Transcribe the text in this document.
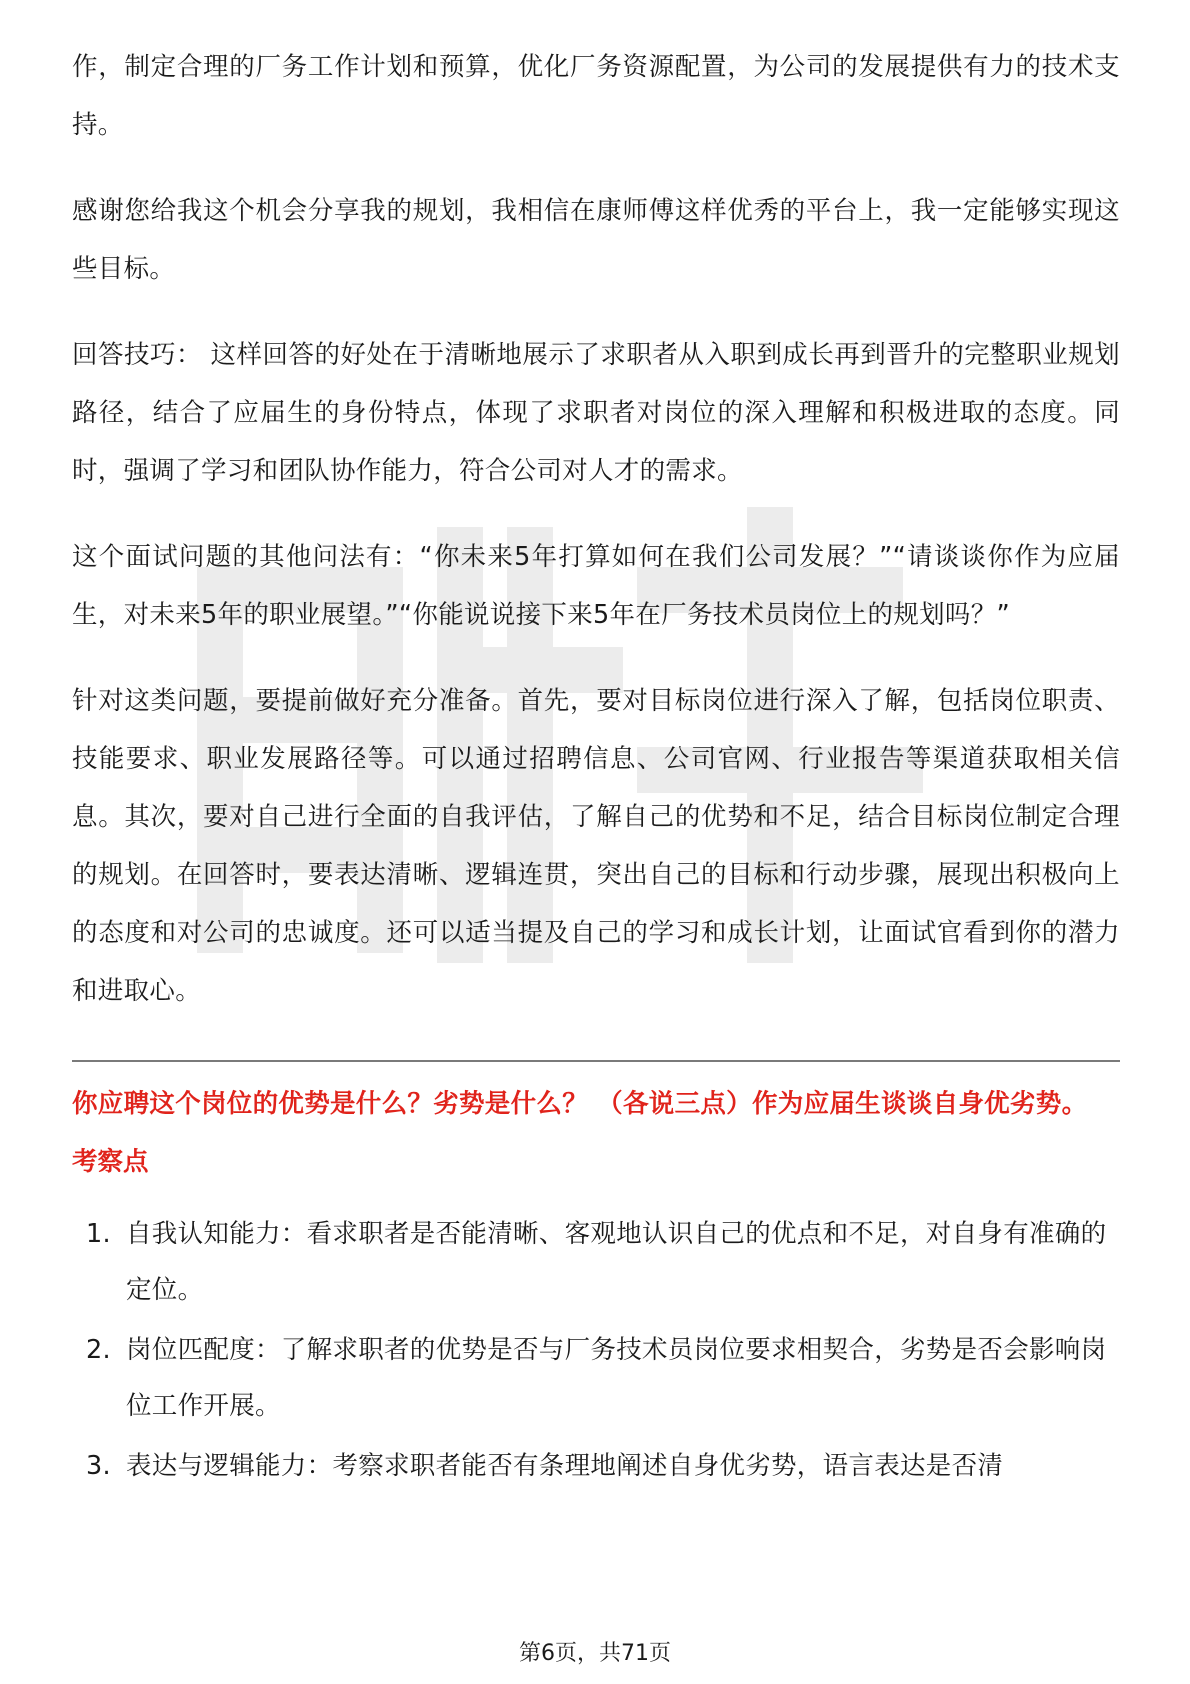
作，制定合理的厂务工作计划和预算，优化厂务资源配置，为公司的发展提供有力的技术支持。

感谢您给我这个机会分享我的规划，我相信在康师傅这样优秀的平台上，我一定能够实现这些目标。

回答技巧： 这样回答的好处在于清晰地展示了求职者从入职到成长再到晋升的完整职业规划路径，结合了应届生的身份特点，体现了求职者对岗位的深入理解和积极进取的态度。同时，强调了学习和团队协作能力，符合公司对人才的需求。

这个面试问题的其他问法有：“你未来5年打算如何在我们公司发展？”“请谈谈你作为应届生，对未来5年的职业展望。”“你能说说接下来5年在厂务技术员岗位上的规划吗？”

针对这类问题，要提前做好充分准备。首先，要对目标岗位进行深入了解，包括岗位职责、技能要求、职业发展路径等。可以通过招聘信息、公司官网、行业报告等渠道获取相关信息。其次，要对自己进行全面的自我评估，了解自己的优势和不足，结合目标岗位制定合理的规划。在回答时，要表达清晰、逻辑连贯，突出自己的目标和行动步骤，展现出积极向上的态度和对公司的忠诚度。还可以适当提及自己的学习和成长计划，让面试官看到你的潜力和进取心。

你应聘这个岗位的优势是什么？劣势是什么？ （各说三点）作为应届生谈谈自身优劣势。
考察点
1. 自我认知能力：看求职者是否能清晰、客观地认识自己的优点和不足，对自身有准确的定位。
2. 岗位匹配度：了解求职者的优势是否与厂务技术员岗位要求相契合，劣势是否会影响岗位工作开展。
3. 表达与逻辑能力：考察求职者能否有条理地阐述自身优劣势，语言表达是否清
第6页，共71页
